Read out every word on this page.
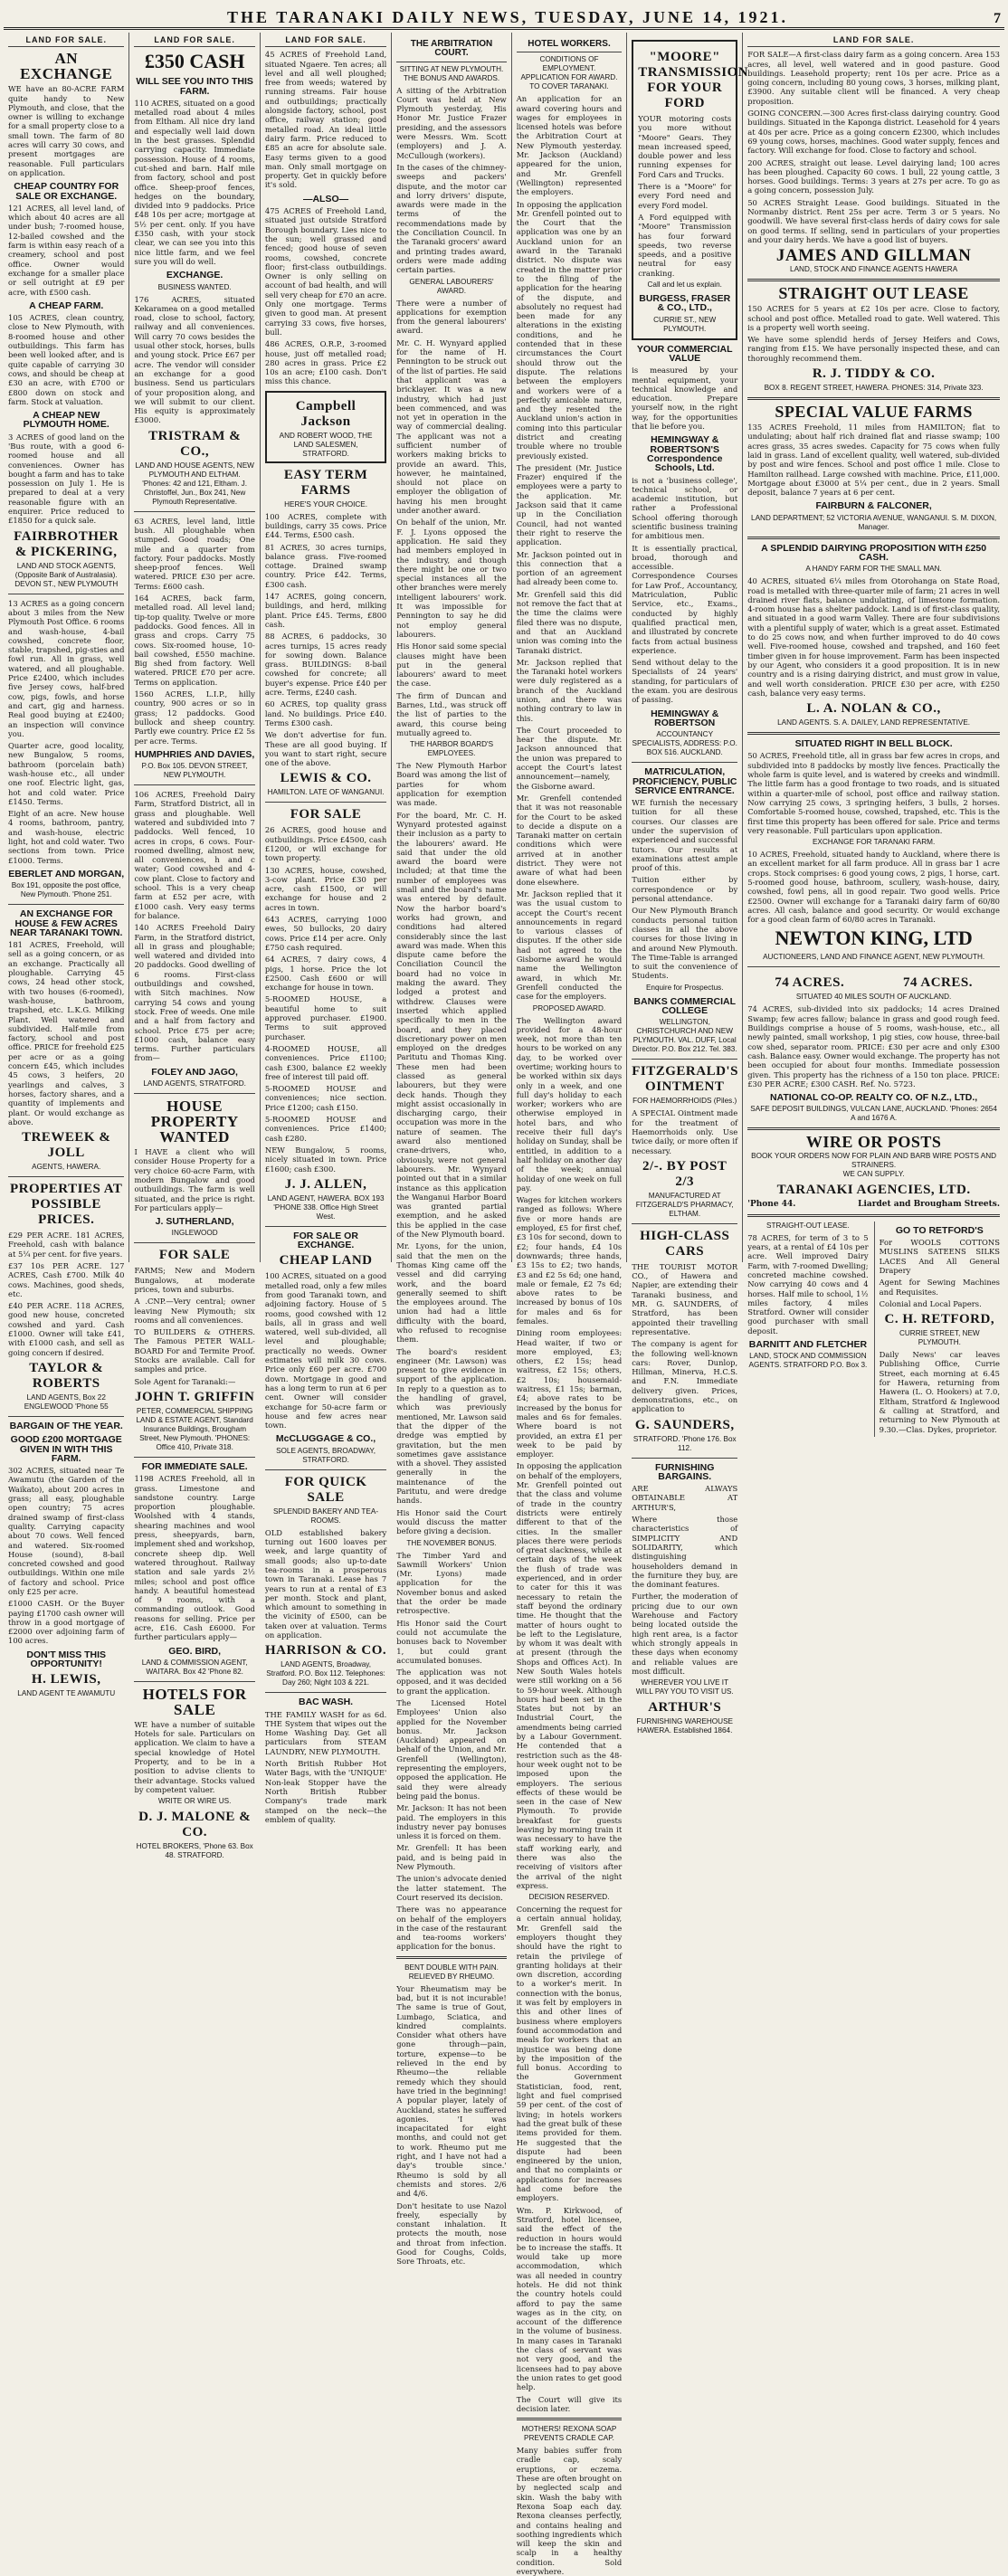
THE TARANAKI DAILY NEWS, TUESDAY, JUNE 14, 1921.	7
LAND FOR SALE.
AN EXCHANGE
WE have an 80-ACRE FARM quite handy to New Plymouth, and close, that the owner is willing to exchange for a small property close to a small town. The farm of 80 acres will carry 30 cows, and present mortgages are reasonable. Full particulars on application.
CHEAP COUNTRY FOR SALE OR EXCHANGE.
121 ACRES, all level land, of which about 40 acres are all under bush; 7-roomed house, 12-bailed cowshed and the farm is within easy reach of a creamery, school and post office. Owner would exchange for a smaller place or sell outright at £9 per acre, with £500 cash.
A CHEAP FARM.
105 ACRES, clean country, close to New Plymouth, with 8-roomed house and other outbuildings. This farm has been well looked after, and is quite capable of carrying 30 cows, and should be cheap at £30 an acre, with £700 or £800 down on stock and farm. Stock at valuation.
A CHEAP NEW PLYMOUTH HOME.
3 ACRES of good land on the 'Bus route, with a good 6-roomed house and all conveniences. Owner has bought a farm and has to take possession on July 1. He is prepared to deal at a very reasonable figure with an enquirer. Price reduced to £1850 for a quick sale.
FAIRBROTHER & PICKERING,
LAND AND STOCK AGENTS, (Opposite Bank of Australasia). DEVON ST., NEW PLYMOUTH
13 ACRES as a going concern about 3 miles from the New Plymouth Post Office. 6 rooms and wash-house, 4-bail cowshed, concrete floor, stable, trapshed, pig-sties and fowl run. All in grass, well watered, and all ploughable. Price £2400, which includes five Jersey cows, half-bred cow, pigs, fowls, and horse and cart, gig and harness. Real good buying at £2400; an inspection will convince you.
Quarter acre, good locality, new Bungalow, 5 rooms, bathroom (porcelain bath) wash-house etc., all under one roof. Electric light, gas, hot and cold water. Price £1450. Terms.
Eight of an acre. New house 4 rooms, bathroom, pantry, and wash-house, electric light, hot and cold water. Two sections from town. Price £1000. Terms.
EBERLET AND MORGAN,
Box 191, opposite the post office, New Plymouth. 'Phone 251.
AN EXCHANGE FOR HOUSE & FEW ACRES NEAR TARANAKI TOWN.
181 ACRES, Freehold, will sell as a going concern, or as an exchange. Practically all ploughable. Carrying 45 cows, 24 head other stock, with two houses (6-roomed), wash-house, bathroom, trapshed, etc. L.K.G. Milking Plant. Well watered and subdivided. Half-mile from factory, school and post office. PRICE for freehold £25 per acre or as a going concern £45, which includes 45 cows, 3 heifers, 20 yearlings and calves, 3 horses, factory shares, and a quantity of implements and plant. Or would exchange as above.
TREWEEK & JOLL
AGENTS, HAWERA.
PROPERTIES AT POSSIBLE PRICES.
£29 PER ACRE. 181 ACRES, Freehold, cash with balance at 5¼ per cent. for five years.
£37 10s PER ACRE. 127 ACRES, Cash £700. Milk 40 cows. Machines, good sheds, etc.
£40 PER ACRE. 118 ACRES, good new house, concreted cowshed and yard. Cash £1000. Owner will take £41, with £1000 cash, and sell as going concern if desired.
TAYLOR & ROBERTS
LAND AGENTS, Box 22 ENGLEWOOD 'Phone 55
BARGAIN OF THE YEAR.
GOOD £200 MORTGAGE GIVEN IN WITH THIS FARM.
302 ACRES, situated near Te Awamutu (the Garden of the Waikato), about 200 acres in grass; all easy, ploughable open country; 75 acres drained swamp of first-class quality. Carrying capacity about 70 cows. Well fenced and watered. Six-roomed House (sound), 8-bail concreted cowshed and good outbuildings. Within one mile of factory and school. Price only £25 per acre.
£1000 CASH. Or the Buyer paying £1700 cash owner will throw in a good mortgage of £2000 over adjoining farm of 100 acres.
DON'T MISS THIS OPPORTUNITY!
H. LEWIS,
LAND AGENT TE AWAMUTU
LAND FOR SALE.
£350 CASH
WILL SEE YOU INTO THIS FARM.
110 ACRES, situated on a good metalled road about 4 miles from Eltham. All nice dry land and especially well laid down in the best grasses. Splendid carrying capacity. Immediate possession. House of 4 rooms, cut-shed and barn. Half mile from factory, school and post office. Sheep-proof fences, hedges on the boundary, divided into 9 paddocks. Price £48 10s per acre; mortgage at 5½ per cent. only. If you have £350 cash, with your stock clear, we can see you into this nice little farm, and we feel sure you will do well.
EXCHANGE.
BUSINESS WANTED.
176 ACRES, situated Kekaramea on a good metalled road, close to school, factory, railway and all conveniences. Will carry 70 cows besides the usual other stock, horses, bulls and young stock. Price £67 per acre. The vendor will consider an exchange for a good business. Send us particulars of your proposition along, and we will submit to our client. His equity is approximately £3000.
TRISTRAM & CO.,
LAND AND HOUSE AGENTS, NEW PLYMOUTH AND ELTHAM. 'Phones: 42 and 121, Eltham. J. Christoffel, Jun., Box 241, New Plymouth Representative.
63 ACRES, level land, little bush. All ploughable when stumped. Good roads; One mile and a quarter from factory. Four paddocks. Mostly sheep-proof fences. Well watered. PRICE £30 per acre. Terms: £600 cash.
164 ACRES, back farm, metalled road. All level land; tip-top quality. Twelve or more paddocks. Good fences. All in grass and crops. Carry 75 cows. Six-roomed house, 10-bail cowshed, £550 machine. Big shed from factory. Well watered. PRICE £70 per acre. Terms on application.
1560 ACRES, L.I.P., hilly country, 900 acres or so in grass; 12 paddocks. Good bullock and sheep country. Partly ewe country. Price £2 5s per acre. Terms.
HUMPHRIES AND DAVIES,
P.O. Box 105. DEVON STREET, NEW PLYMOUTH.
106 ACRES, Freehold Dairy Farm, Stratford District, all in grass and ploughable. Well watered and subdivided into 7 paddocks. Well fenced, 10 acres in crops, 6 cows. Four-roomed dwelling, almost new, all conveniences, h and c water; Good cowshed and 4-cow plant. Close to factory and school. This is a very cheap farm at £52 per acre, with £1000 cash. Very easy terms for balance.
140 ACRES Freehold Dairy Farm, in the Stratford district, all in grass and ploughable; well watered and divided into 20 paddocks. Good dwelling of 6 rooms. First-class outbuildings and cowshed, with Sitch machines. Now carrying 54 cows and young stock. Free of weeds. One mile and a half from factory and school. Price £75 per acre; £1000 cash, balance easy terms. Further particulars from—
FOLEY AND JAGO,
LAND AGENTS, STRATFORD.
HOUSE PROPERTY WANTED
I HAVE a client who will consider House Property for a very choice 60-acre Farm, with modern Bungalow and good outbuildings. The farm is well situated, and the price is right. For particulars apply—
J. SUTHERLAND,
INGLEWOOD
FOR SALE
FARMS; New and Modern Bungalows, at moderate prices, town and suburbs.
A .CNP.—Very central; owner leaving New Plymouth; six rooms and all conveniences.
TO BUILDERS & OTHERS. The Famous PETER WALL-BOARD For and Termite Proof. Stocks are available. Call for samples and price.
Sole Agent for Taranaki:—
JOHN T. GRIFFIN
PETER, COMMERCIAL SHIPPING LAND & ESTATE AGENT, Standard Insurance Buildings, Brougham Street, New Plymouth. 'PHONES: Office 410, Private 318.
FOR IMMEDIATE SALE.
1198 ACRES Freehold, all in grass. Limestone and sandstone country. Large proportion ploughable. Woolshed with 4 stands, shearing machines and wool press, sheepyards, barn, implement shed and workshop, concrete sheep dip. Well watered throughout. Railway station and sale yards 2½ miles; school and post office handy. A beautiful homestead of 9 rooms, with a commanding outlook. Good reasons for selling. Price per acre, £16. Cash £6000. For further particulars apply—
GEO. BIRD,
LAND & COMMISSION AGENT, WAITARA. Box 42 'Phone 82.
HOTELS FOR SALE
WE have a number of suitable Hotels for sale. Particulars on application. We claim to have a special knowledge of Hotel Property, and to be in a position to advise clients to their advantage. Stocks valued by competent valuer.
WRITE OR WIRE US.
D. J. MALONE & CO.
HOTEL BROKERS, 'Phone 63. Box 48. STRATFORD.
LAND FOR SALE.
45 ACRES of Freehold Land, situated Ngaere. Ten acres; all level and all well ploughed; free from weeds; watered by running streams. Fair house and outbuildings; practically alongside factory, school, post office, railway station; good metalled road. An ideal little dairy farm. Price reduced to £85 an acre for absolute sale. Easy terms given to a good man. Only small mortgage on property. Get in quickly before it's sold.
—ALSO—
475 ACRES of Freehold Land, situated just outside Stratford Borough boundary. Lies nice to the sun; well grassed and fenced; good house of seven rooms, cowshed, concrete floor; first-class outbuildings. Owner is only selling on account of bad health, and will sell very cheap for £70 an acre. Only one mortgage. Terms given to good man. At present carrying 33 cows, five horses, bull.
486 ACRES, O.R.P., 3-roomed house, just off metalled road; 280 acres in grass. Price £2 10s an acre; £100 cash. Don't miss this chance.
Campbell Jackson
AND ROBERT WOOD, THE LAND SALESMEN, STRATFORD.
EASY TERM FARMS
HERE'S YOUR CHOICE.
100 ACRES, complete with buildings, carry 35 cows. Price £44. Terms, £500 cash.
81 ACRES, 30 acres turnips, balance grass. Five-roomed cottage. Drained swamp country. Price £42. Terms, £300 cash.
147 ACRES, going concern, buildings, and herd, milking plant. Price £45. Terms, £800 cash.
88 ACRES, 6 paddocks, 30 acres turnips, 15 acres ready for sowing down. Balance grass. BUILDINGS: 8-bail cowshed for concrete; all buyer's expense. Price £40 per acre. Terms, £240 cash.
60 ACRES, top quality grass land. No buildings. Price £40. Terms £300 cash.
We don't advertise for fun. These are all good buying. If you want to start right, secure one of the above.
LEWIS & CO.
HAMILTON. LATE OF WANGANUI.
FOR SALE
26 ACRES, good house and outbuildings. Price £4500, cash £1200, or will exchange for town property.
130 ACRES, house, cowshed, 3-cow plant. Price £30 per acre, cash £1500, or will exchange for house and 2 acres in town.
643 ACRES, carrying 1000 ewes, 50 bullocks, 20 dairy cows. Price £14 per acre. Only £750 cash required.
64 ACRES, 7 dairy cows, 4 pigs, 1 horse. Price the lot £2500. Cash £600 or will exchange for house in town.
5-ROOMED HOUSE, a beautiful home to suit approved purchaser. £1900. Terms to suit approved purchaser.
4-ROOMED HOUSE, all conveniences. Price £1100; cash £300, balance £2 weekly free of interest till paid off.
5-ROOMED HOUSE and conveniences; nice section. Price £1200; cash £150.
5-ROOMED HOUSE and conveniences. Price £1400; cash £280.
NEW Bungalow, 5 rooms, nicely situated in town. Price £1600; cash £300.
J. J. ALLEN,
LAND AGENT, HAWERA. BOX 193 'PHONE 338. Office High Street West.
FOR SALE OR EXCHANGE.
CHEAP LAND
100 ACRES, situated on a good metalled road, only a few miles from good Taranaki town, and adjoining factory. House of 5 rooms, good cowshed with 12 bails, all in grass and well watered, well sub-divided, all level and ploughable; practically no weeds. Owner estimates will milk 30 cows. Price only £60 per acre. £700 down. Mortgage in good and has a long term to run at 6 per cent. Owner will consider exchange for 50-acre farm or house and few acres near town.
McCLUGGAGE & CO.,
SOLE AGENTS, BROADWAY, STRATFORD.
FOR QUICK SALE
SPLENDID BAKERY AND TEA-ROOMS.
OLD established bakery turning out 1600 loaves per week, and large quantity of small goods; also up-to-date tea-rooms in a prosperous town in Taranaki. Lease has 7 years to run at a rental of £3 per month. Stock and plant, which amount to something in the vicinity of £500, can be taken over at valuation. Terms on application.
HARRISON & CO.
LAND AGENTS, Broadway, Stratford. P.O. Box 112. Telephones: Day 260; Night 103 & 221.
BAC WASH.
THE FAMILY WASH for as 6d. THE System that wipes out the Home Washing Day. Get all particulars from STEAM LAUNDRY, NEW PLYMOUTH.
North British Rubber Hot Water Bags, with the 'UNIQUE' Non-leak Stopper have the North British Rubber Company's trade mark stamped on the neck—the emblem of quality.
THE ARBITRATION COURT.
SITTING AT NEW PLYMOUTH.
THE BONUS AND AWARDS.
A sitting of the Arbitration Court was held at New Plymouth yesterday, His Honor Mr. Justice Frazer presiding, and the assessors were Messrs. Wm. Scott (employers) and J. A. McCullough (workers).
In the cases of the chimney-sweeps and packers' dispute, and the motor car and lorry drivers' dispute, awards were made in the terms of the recommendations made by the Conciliation Council. In the Taranaki grocers' award and printing trades award, orders were made adding certain parties.
GENERAL LABOURERS' AWARD.
There were a number of applications for exemption from the general labourers' award.
Mr. C. H. Wynyard applied for the name of H. Pennington to be struck out of the list of parties. He said that applicant was a bricklayer. It was a new industry, which had just been commenced, and was not yet in operation in the way of commercial dealing. The applicant was not a sufficient number of workers making bricks to provide an award. This, however, he maintained, should not place on employer the obligation of having his men brought under another award.
On behalf of the union, Mr. F. J. Lyons opposed the application. He said they had members employed in the industry, and though there might be one or two special instances all the other branches were merely intelligent labourers' work. It was impossible for Pennington to say he did not employ general labourers.
His Honor said some special clauses might have been put in the general labourers' award to meet the case.
The firm of Duncan and Barnes, Ltd., was struck off the list of parties to the award, this course being mutually agreed to.
THE HARBOR BOARD'S EMPLOYEES.
The New Plymouth Harbor Board was among the list of parties for whom application for exemption was made.
For the board, Mr. C. H. Wynyard protested against their inclusion as a party to the labourers' award. He said that under the old award the board were included; at that time the number of employees was small and the board's name was entered by default. Now the harbor board's works had grown, and conditions had altered considerably since the last award was made. When this dispute came before the Conciliation Council the board had no voice in making the award. They lodged a protest and withdrew. Clauses were inserted which applied specifically to men in the board, and they placed discretionary power on men employed on the dredges Paritutu and Thomas King. These men had been classed as general labourers, but they were deck hands. Though they might assist occasionally in discharging cargo, their occupation was more in the nature of seamen. The award also mentioned crane-drivers, who, obviously, were not general labourers. Mr. Wynyard pointed out that in a similar instance as this application the Wanganui Harbor Board was granted partial exemption, and he asked this be applied in the case of the New Plymouth board.
Mr. Lyons, for the union, said that the men on the Thomas King came off the vessel and did carrying work, and the board generally seemed to shift the employees around. The union had had a little difficulty with the board, who refused to recognise them.
The board's resident engineer (Mr. Lawson) was present to give evidence in support of the application. In reply to a question as to the handling of gravel, which was previously mentioned, Mr. Lawson said that the dipper of the dredge was emptied by gravitation, but the men sometimes gave assistance with a shovel. They assisted generally in the maintenance of the Paritutu, and were dredge hands.
His Honor said the Court would discuss the matter before giving a decision.
THE NOVEMBER BONUS.
The Timber Yard and Sawmill Workers' Union (Mr. Lyons) made application for the November bonus and asked that the order be made retrospective.
His Honor said the Court could not accumulate the bonuses back to November 1, but could grant accumulated bonuses.
The application was not opposed, and it was decided to grant the application.
The Licensed Hotel Employees' Union also applied for the November bonus. Mr. Jackson (Auckland) appeared on behalf of the Union, and Mr. Grenfell (Wellington), representing the employers, opposed the application. He said they were already being paid the bonus.
Mr. Jackson: It has not been paid. The employers in this industry never pay bonuses unless it is forced on them.
Mr. Grenfell: It has been paid, and is being paid in New Plymouth.
The union's advocate denied the latter statement. The Court reserved its decision.
There was no appearance on behalf of the employers in the case of the restaurant and tea-rooms workers' application for the bonus.
BENT DOUBLE WITH PAIN.
RELIEVED BY RHEUMO.
Your Rheumatism may be bad, but it is not incurable! The same is true of Gout, Lumbago, Sciatica, and kindred complaints. Consider what others have gone through—pain, torture, expense—to be relieved in the end by Rheumo—the reliable remedy which they should have tried in the beginning! A popular player, lately of Auckland, states he suffered agonies. 'I was incapacitated for eight months, and could not get to work. Rheumo put me right, and I have not had a day's trouble since.' Rheumo is sold by all chemists and stores. 2/6 and 4/6.
Don't hesitate to use Nazol freely, especially by constant inhalation. It protects the mouth, nose and throat from infection. Good for Coughs, Colds, Sore Throats, etc.
HOTEL WORKERS.
CONDITIONS OF EMPLOYMENT.
APPLICATION FOR AWARD.
TO COVER TARANAKI.
An application for an award covering hours and wages for employees in licensed hotels was before the Arbitration Court at New Plymouth yesterday. Mr. Jackson (Auckland) appeared for the union, and Mr. Grenfell (Wellington) represented the employers.
In opposing the application Mr. Grenfell pointed out to the Court that the application was one by an Auckland union for an award in the Taranaki district. No dispute was created in the matter prior to the filing of the application for the hearing of the dispute, and absolutely no request had been made for any alterations in the existing conditions, and he contended that in these circumstances the Court should throw out the dispute. The relations between the employers and workers were of a perfectly amicable nature, and they resented the Auckland union's action in coming into this particular district and creating trouble where no trouble previously existed.
The president (Mr. Justice Frazer) enquired if the employees were a party to the application. Mr. Jackson said that it came up in the Conciliation Council, had not wanted their right to reserve the application.
Mr. Jackson pointed out in this connection that a portion of an agreement had already been come to.
Mr. Grenfell said this did not remove the fact that at the time the claims were filed there was no dispute, and that an Auckland union was coming into the Taranaki district.
Mr. Jackson replied that the Taranaki hotel workers were duly registered as a branch of the Auckland union, and there was nothing contrary to law in this.
The Court proceeded to hear the dispute. Mr. Jackson announced that the union was prepared to accept the Court's latest announcement—namely, the Gisborne award.
Mr. Grenfell contended that it was not reasonable for the Court to be asked to decide a dispute on a Taranaki matter on certain conditions which were arrived at in another district. They were not aware of what had been done elsewhere.
Mr. Jackson replied that it was the usual custom to accept the Court's recent announcements in regard to various classes of disputes. If the other side had not agreed to the Gisborne award he would name the Wellington award, in which Mr. Grenfell conducted the case for the employers.
PROPOSED AWARD.
The Wellington award provided for a 48-hour week, not more than ten hours to be worked on any day, to be worked over overtime; working hours to be worked within six days only in a week, and one full day's holiday to each worker; workers who are otherwise employed in hotel bars, and who receive their full day's holiday on Sunday, shall be entitled, in addition to a half holiday on another day of the week; annual holiday of one week on full pay.
Wages for kitchen workers ranged as follows: Where five or more hands are employed, £5 for first chef, £3 10s for second, down to £2; four hands, £4 10s downwards; three hands, £3 15s to £2; two hands, £3 and £2 5s 6d; one hand, male or female, £2 7s 6d; above rates to be increased by bonus of 10s for males and 6s for females.
Dining room employees: Head waiter, if two or more employed, £3; others, £2 15s; head waitress, £2 15s; others, £2 10s; housemaid-waitress, £1 15s; barman, £4; above rates to be increased by the bonus for males and 6s for females. Where board is not provided, an extra £1 per week to be paid by employer.
In opposing the application on behalf of the employers, Mr. Grenfell pointed out that the class and volume of trade in the country districts were entirely different to that of the cities. In the smaller places there were periods of great slackness, while at certain days of the week the flush of trade was experienced, and in order to cater for this it was necessary to retain the staff beyond the ordinary time. He thought that the matter of hours ought to be left to the Legislature, by whom it was dealt with at present (through the Shops and Offices Act). In New South Wales hotels were still working on a 56 to 59-hour week. Although hours had been set in the States but not by an Industrial Court, the amendments being carried by a Labour Government. He contended that a restriction such as the 48-hour week ought not to be imposed upon the employers. The serious effects of these would be seen in the case of New Plymouth. To provide breakfast for guests leaving by morning train it was necessary to have the staff working early, and there was also the receiving of visitors after the arrival of the night express.
DECISION RESERVED.
Concerning the request for a certain annual holiday, Mr. Grenfell said the employers thought they should have the right to retain the privilege of granting holidays at their own discretion, according to a worker's merit. In connection with the bonus, it was felt by employers in this and other lines of business where employers found accommodation and meals for workers that an injustice was being done by the imposition of the full bonus. According to the Government Statistician, food, rent, light and fuel comprised 59 per cent. of the cost of living; in hotels workers had the great bulk of these items provided for them. He suggested that the dispute had been engineered by the union, and that no complaints or applications for increases had come before the employers.
Wm. P. Kirkwood, of Stratford, hotel licensee, said the effect of the reduction in hours would be to increase the staffs. It would take up more accommodation, which was all needed in country hotels. He did not think the country hotels could afford to pay the same wages as in the city, on account of the difference in the volume of business. In many cases in Taranaki the class of servant was not very good, and the licensees had to pay above the union rates to get good help.
The Court will give its decision later.
MOTHERS! REXONA SOAP PREVENTS CRADLE CAP.
Many babies suffer from cradle cap, scaly eruptions, or eczema. These are often brought on by neglected scalp and skin. Wash the baby with Rexona Soap each day. Rexona cleanses perfectly, and contains healing and soothing ingredients which will keep the skin and scalp in a healthy condition. Sold everywhere.
"MOORE" TRANSMISSION FOR YOUR FORD
YOUR motoring costs you more without "Moore" Gears. They mean increased speed, double power and less running expenses for Ford Cars and Trucks.
There is a "Moore" for every Ford need and every Ford model.
A Ford equipped with "Moore" Transmission has four forward speeds, two reverse speeds, and a positive neutral for easy cranking.
Call and let us explain.
BURGESS, FRASER & CO., LTD.,
CURRIE ST., NEW PLYMOUTH.
YOUR COMMERCIAL VALUE
is measured by your mental equipment, your technical knowledge and education. Prepare yourself now, in the right way, for the opportunities that lie before you.
HEMINGWAY & ROBERTSON'S Correspondence Schools, Ltd.
is not a 'business college', technical school, or academic institution, but rather a Professional School offering thorough scientific business training for ambitious men.
It is essentially practical, broad, thorough and accessible. Correspondence Courses for Law Prof., Accountancy, Matriculation, Public Service, etc., Exams., conducted by highly qualified practical men, and illustrated by concrete facts from actual business experience.
Send without delay to the Specialists of 24 years' standing, for particulars of the exam. you are desirous of passing.
HEMINGWAY & ROBERTSON
ACCOUNTANCY SPECIALISTS, ADDRESS: P.O. BOX 516. AUCKLAND.
MATRICULATION, PROFICIENCY, PUBLIC SERVICE ENTRANCE.
WE furnish the necessary tuition for all these courses. Our classes are under the supervision of experienced and successful tutors. Our results at examinations attest ample proof of this.
Tuition either by correspondence or by personal attendance.
Our New Plymouth Branch conducts personal tuition classes in all the above courses for those living in and around New Plymouth. The Time-Table is arranged to suit the convenience of Students.
Enquire for Prospectus.
BANKS COMMERCIAL COLLEGE
WELLINGTON, CHRISTCHURCH AND NEW PLYMOUTH. VAL. DUFF, Local Director. P.O. Box 212. Tel. 383.
FITZGERALD'S OINTMENT
FOR HAEMORRHOIDS (Piles.)
A SPECIAL Ointment made for the treatment of Haemorrhoids only. Use twice daily, or more often if necessary.
2/-. BY POST 2/3
MANUFACTURED AT FITZGERALD'S PHARMACY, ELTHAM.
HIGH-CLASS CARS
THE TOURIST MOTOR CO., of Hawera and Napier, are extending their Taranaki business, and MR. G. SAUNDERS, of Stratford, has been appointed their travelling representative.
The company is agent for the following well-known cars: Rover, Dunlop, Hillman, Minerva, H.C.S. and F.N. Immediate delivery given. Prices, demonstrations, etc., on application to
G. SAUNDERS,
STRATFORD. 'Phone 176. Box 112.
FURNISHING BARGAINS.
ARE ALWAYS OBTAINABLE AT ARTHUR'S,
Where those characteristics of SIMPLICITY AND SOLIDARITY, which distinguishing householders demand in the furniture they buy, are the dominant features.
Further, the moderation of pricing due to our own Warehouse and Factory being located outside the high rent area, is a factor which strongly appeals in these days when economy and reliable values are most difficult.
WHEREVER YOU LIVE IT WILL PAY YOU TO VISIT US.
ARTHUR'S
FURNISHING WAREHOUSE HAWERA. Established 1864.
LAND FOR SALE.
FOR SALE—A first-class dairy farm as a going concern. Area 153 acres, all level, well watered and in good pasture. Good buildings. Leasehold property; rent 10s per acre. Price as a going concern, including 80 young cows, 3 horses, milking plant, £3900. Any suitable client will be financed. A very cheap proposition.
GOING CONCERN.—300 Acres first-class dairying country. Good buildings. Situated in the Kaponga district. Leasehold for 4 years at 40s per acre. Price as a going concern £2300, which includes 69 young cows, horses, machines. Good water supply, fences and factory. Will exchange for food. Close to factory and school.
200 ACRES, straight out lease. Level dairying land; 100 acres has been ploughed. Capacity 60 cows. 1 bull, 22 young cattle, 3 horses. Good buildings. Terms: 3 years at 27s per acre. To go as a going concern, possession July.
50 ACRES Straight Lease. Good buildings. Situated in the Normanby district. Rent 25s per acre. Term 3 or 5 years. No goodwill. We have several first-class herds of dairy cows for sale on good terms. If selling, send in particulars of your properties and your dairy herds. We have a good list of buyers.
JAMES AND GILLMAN
LAND, STOCK AND FINANCE AGENTS HAWERA
STRAIGHT OUT LEASE
150 ACRES for 5 years at £2 10s per acre. Close to factory, school and post office. Metalled road to gate. Well watered. This is a property well worth seeing.
We have some splendid herds of Jersey Heifers and Cows, ranging from £15. We have personally inspected these, and can thoroughly recommend them.
R. J. TIDDY & CO.
BOX 8. REGENT STREET, HAWERA. PHONES: 314, Private 323.
SPECIAL VALUE FARMS
135 ACRES Freehold, 11 miles from HAMILTON; flat to undulating; about half rich drained flat and riasse swamp; 100 acres grass, 35 acres swedes. Capacity for 75 cows when fully laid in grass. Land of excellent quality, well watered, sub-divided by post and wire fences. School and post office 1 mile. Close to Hamilton railhead. Large cowshed with machine. Price, £11,000. Mortgage about £3000 at 5¼ per cent., due in 2 years. Small deposit, balance 7 years at 6 per cent.
FAIRBURN & FALCONER,
LAND DEPARTMENT; 52 VICTORIA AVENUE, WANGANUI. S. M. DIXON, Manager.
A SPLENDID DAIRYING PROPOSITION WITH £250 CASH.
A HANDY FARM FOR THE SMALL MAN.
40 ACRES, situated 6¼ miles from Otorohanga on State Road, road is metalled with three-quarter mile of farm; 21 acres in well drained river flats, balance undulating, of limestone formation. 4-room house has a shelter paddock. Land is of first-class quality, and situated in a good warm Valley. There are four subdivisions with a plentiful supply of water, which is a great asset. Estimated to do 25 cows now, and when further improved to do 40 cows well. Five-roomed house, cowshed and trapshed, and 160 feet timber given in for house improvement. Farm has been inspected by our Agent, who considers it a good proposition. It is in new country and is a rising dairying district, and must grow in value, and well worth consideration. PRICE £30 per acre, with £250 cash, balance very easy terms.
L. A. NOLAN & CO.,
LAND AGENTS. S. A. DAILEY, LAND REPRESENTATIVE.
SITUATED RIGHT IN BELL BLOCK.
50 ACRES, Freehold title, all in grass bar few acres in crops, and subdivided into 8 paddocks by mostly live fences. Practically the whole farm is quite level, and is watered by creeks and windmill. The little farm has a good frontage to two roads, and is situated within a quarter-mile of school, post office and railway station. Now carrying 25 cows, 3 springing heifers, 3 bulls, 2 horses. Comfortable 5-roomed house, cowshed, trapshed, etc. This is the first time this property has been offered for sale. Price and terms very reasonable. Full particulars upon application.
EXCHANGE FOR TARANAKI FARM.
10 ACRES, Freehold, situated handy to Auckland, where there is an excellent market for all farm produce. All in grass bar 1 acre crops. Stock comprises: 6 good young cows, 2 pigs, 1 horse, cart. 5-roomed good house, bathroom, scullery, wash-house, dairy, cowshed, fowl pens, all in good repair. Two good wells. Price £2500. Owner will exchange for a Taranaki dairy farm of 60/80 acres. All cash, balance and good security. Or would exchange for a good clean farm of 60/80 acres in Taranaki.
NEWTON KING, LTD
AUCTIONEERS, LAND AND FINANCE AGENT, NEW PLYMOUTH.
74 ACRES.	74 ACRES.
SITUATED 40 MILES SOUTH OF AUCKLAND.
74 ACRES, sub-divided into six paddocks; 14 acres Drained Swamp; few acres fallow; balance in grass and good rough feed. Buildings comprise a house of 5 rooms, wash-house, etc., all newly painted, small workshop, 1 pig sties, cow house, three-bail cow shed, separator room. PRICE: £30 per acre and only £300 cash. Balance easy. Owner would exchange. The property has not been occupied for about four months. Immediate possession given. This property has the richness of a 150 ton place. PRICE: £30 PER ACRE; £300 CASH. Ref. No. 5723.
NATIONAL CO-OP. REALTY CO. OF N.Z., LTD.,
SAFE DEPOSIT BUILDINGS, VULCAN LANE, AUCKLAND. 'Phones: 2654 A and 1676 A.
WIRE OR POSTS
BOOK YOUR ORDERS NOW FOR PLAIN AND BARB WIRE POSTS AND STRAINERS.
WE CAN SUPPLY.
TARANAKI AGENCIES, LTD.
'Phone 44.	Liardet and Brougham Streets.
STRAIGHT-OUT LEASE.
78 ACRES, for term of 3 to 5 years, at a rental of £4 10s per acre. Well improved Dairy Farm, with 7-roomed Dwelling; concreted machine cowshed. Now carrying 40 cows and 4 horses. Half mile to school, 1½ miles factory, 4 miles Stratford. Owner will consider good purchaser with small deposit.
BARNITT AND FLETCHER
LAND, STOCK AND COMMISSION AGENTS. STRATFORD P.O. Box 3.
GO TO RETFORD'S
For WOOLS COTTONS MUSLINS SATEENS SILKS LACES And All General Drapery
Agent for Sewing Machines and Requisites.
Colonial and Local Papers.
C. H. RETFORD,
CURRIE STREET, NEW PLYMOUTH.
Daily News' car leaves Publishing Office, Currie Street, each morning at 6.45 for Hawera, returning from Hawera (L. O. Hookers) at 7.0, Eltham, Stratford & Inglewood & calling at Stratford, and returning to New Plymouth at 9.30.—Clas. Dykes, proprietor.
